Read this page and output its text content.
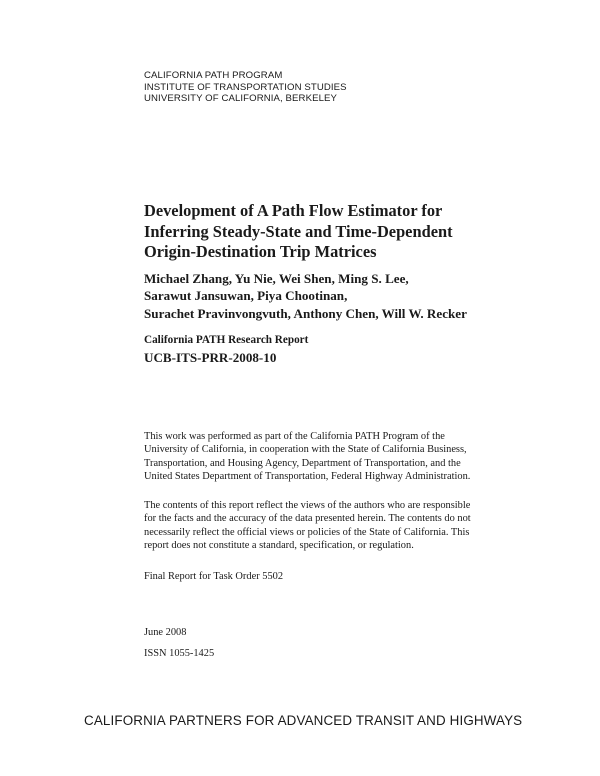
CALIFORNIA PATH PROGRAM
INSTITUTE OF TRANSPORTATION STUDIES
UNIVERSITY OF CALIFORNIA, BERKELEY
Development of A Path Flow Estimator for
Inferring Steady-State and Time-Dependent
Origin-Destination Trip Matrices
Michael Zhang, Yu Nie, Wei Shen, Ming S. Lee,
Sarawut Jansuwan, Piya Chootinan,
Surachet Pravinvongvuth, Anthony Chen, Will W. Recker
California PATH Research Report
UCB-ITS-PRR-2008-10
This work was performed as part of the California PATH Program of the
University of California, in cooperation with the State of California Business,
Transportation, and Housing Agency, Department of Transportation, and the
United States Department of Transportation, Federal Highway Administration.
The contents of this report reflect the views of the authors who are responsible
for the facts and the accuracy of the data presented herein. The contents do not
necessarily reflect the official views or policies of the State of California. This
report does not constitute a standard, specification, or regulation.
Final Report for Task Order 5502
June 2008
ISSN 1055-1425
CALIFORNIA PARTNERS FOR ADVANCED TRANSIT AND HIGHWAYS
